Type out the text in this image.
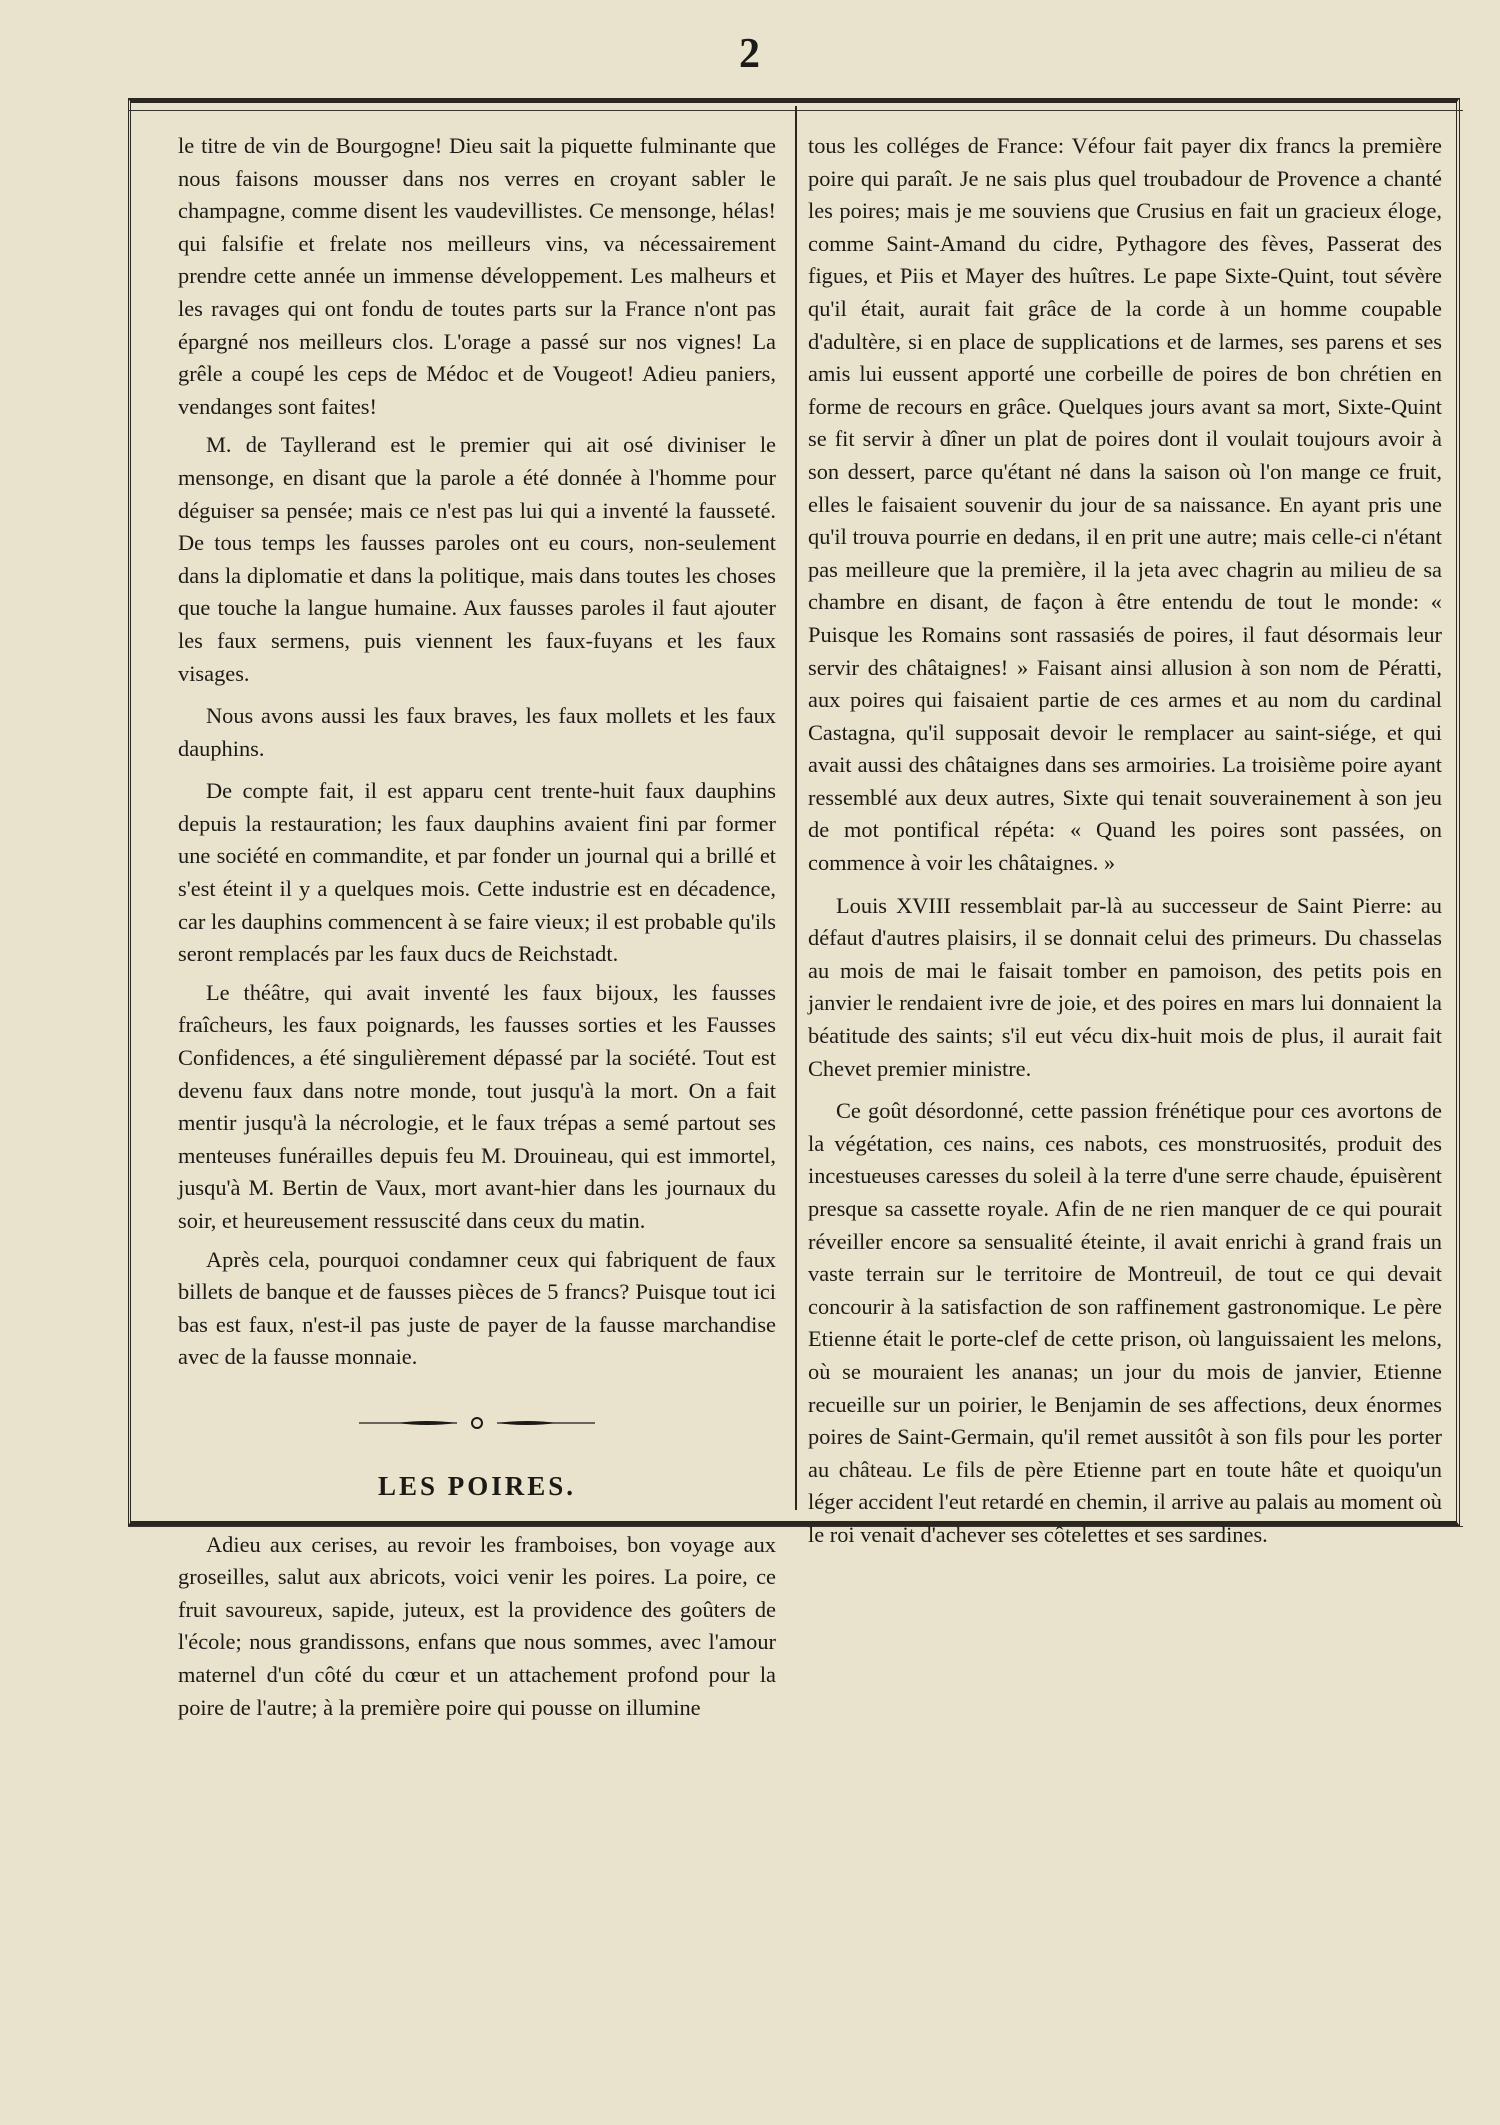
2

le titre de vin de Bourgogne! Dieu sait la piquette fulminante que nous faisons mousser dans nos verres en croyant sabler le champagne, comme disent les vaudevillistes. Ce mensonge, hélas! qui falsifie et frelate nos meilleurs vins, va nécessairement prendre cette année un immense développement. Les malheurs et les ravages qui ont fondu de toutes parts sur la France n'ont pas épargné nos meilleurs clos. L'orage a passé sur nos vignes! La grêle a coupé les ceps de Médoc et de Vougeot! Adieu paniers, vendanges sont faites!

M. de Tayllerand est le premier qui ait osé diviniser le mensonge, en disant que la parole a été donnée à l'homme pour déguiser sa pensée; mais ce n'est pas lui qui a inventé la fausseté. De tous temps les fausses paroles ont eu cours, non-seulement dans la diplomatie et dans la politique, mais dans toutes les choses que touche la langue humaine. Aux fausses paroles il faut ajouter les faux sermens, puis viennent les faux-fuyans et les faux visages.

Nous avons aussi les faux braves, les faux mollets et les faux dauphins.

De compte fait, il est apparu cent trente-huit faux dauphins depuis la restauration; les faux dauphins avaient fini par former une société en commandite, et par fonder un journal qui a brillé et s'est éteint il y a quelques mois. Cette industrie est en décadence, car les dauphins commencent à se faire vieux; il est probable qu'ils seront remplacés par les faux ducs de Reichstadt.

Le théâtre, qui avait inventé les faux bijoux, les fausses fraîcheurs, les faux poignards, les fausses sorties et les Fausses Confidences, a été singulièrement dépassé par la société. Tout est devenu faux dans notre monde, tout jusqu'à la mort. On a fait mentir jusqu'à la nécrologie, et le faux trépas a semé partout ses menteuses funérailles depuis feu M. Drouineau, qui est immortel, jusqu'à M. Bertin de Vaux, mort avant-hier dans les journaux du soir, et heureusement ressuscité dans ceux du matin.

Après cela, pourquoi condamner ceux qui fabriquent de faux billets de banque et de fausses pièces de 5 francs? Puisque tout ici bas est faux, n'est-il pas juste de payer de la fausse marchandise avec de la fausse monnaie.

LES POIRES.

Adieu aux cerises, au revoir les framboises, bon voyage aux groseilles, salut aux abricots, voici venir les poires. La poire, ce fruit savoureux, sapide, juteux, est la providence des goûters de l'école; nous grandissons, enfans que nous sommes, avec l'amour maternel d'un côté du cœur et un attachement profond pour la poire de l'autre; à la première poire qui pousse on illumine

tous les colléges de France: Véfour fait payer dix francs la première poire qui paraît. Je ne sais plus quel troubadour de Provence a chanté les poires; mais je me souviens que Crusius en fait un gracieux éloge, comme Saint-Amand du cidre, Pythagore des fèves, Passerat des figues, et Piis et Mayer des huîtres. Le pape Sixte-Quint, tout sévère qu'il était, aurait fait grâce de la corde à un homme coupable d'adultère, si en place de supplications et de larmes, ses parens et ses amis lui eussent apporté une corbeille de poires de bon chrétien en forme de recours en grâce. Quelques jours avant sa mort, Sixte-Quint se fit servir à dîner un plat de poires dont il voulait toujours avoir à son dessert, parce qu'étant né dans la saison où l'on mange ce fruit, elles le faisaient souvenir du jour de sa naissance. En ayant pris une qu'il trouva pourrie en dedans, il en prit une autre; mais celle-ci n'étant pas meilleure que la première, il la jeta avec chagrin au milieu de sa chambre en disant, de façon à être entendu de tout le monde: « Puisque les Romains sont rassasiés de poires, il faut désormais leur servir des châtaignes! » Faisant ainsi allusion à son nom de Pératti, aux poires qui faisaient partie de ces armes et au nom du cardinal Castagna, qu'il supposait devoir le remplacer au saint-siége, et qui avait aussi des châtaignes dans ses armoiries. La troisième poire ayant ressemblé aux deux autres, Sixte qui tenait souverainement à son jeu de mot pontifical répéta: « Quand les poires sont passées, on commence à voir les châtaignes. »

Louis XVIII ressemblait par-là au successeur de Saint Pierre: au défaut d'autres plaisirs, il se donnait celui des primeurs. Du chasselas au mois de mai le faisait tomber en pamoison, des petits pois en janvier le rendaient ivre de joie, et des poires en mars lui donnaient la béatitude des saints; s'il eut vécu dix-huit mois de plus, il aurait fait Chevet premier ministre.

Ce goût désordonné, cette passion frénétique pour ces avortons de la végétation, ces nains, ces nabots, ces monstruosités, produit des incestueuses caresses du soleil à la terre d'une serre chaude, épuisèrent presque sa cassette royale. Afin de ne rien manquer de ce qui pourait réveiller encore sa sensualité éteinte, il avait enrichi à grand frais un vaste terrain sur le territoire de Montreuil, de tout ce qui devait concourir à la satisfaction de son raffinement gastronomique. Le père Etienne était le porte-clef de cette prison, où languissaient les melons, où se mouraient les ananas; un jour du mois de janvier, Etienne recueille sur un poirier, le Benjamin de ses affections, deux énormes poires de Saint-Germain, qu'il remet aussitôt à son fils pour les porter au château. Le fils de père Etienne part en toute hâte et quoiqu'un léger accident l'eut retardé en chemin, il arrive au palais au moment où le roi venait d'achever ses côtelettes et ses sardines.
